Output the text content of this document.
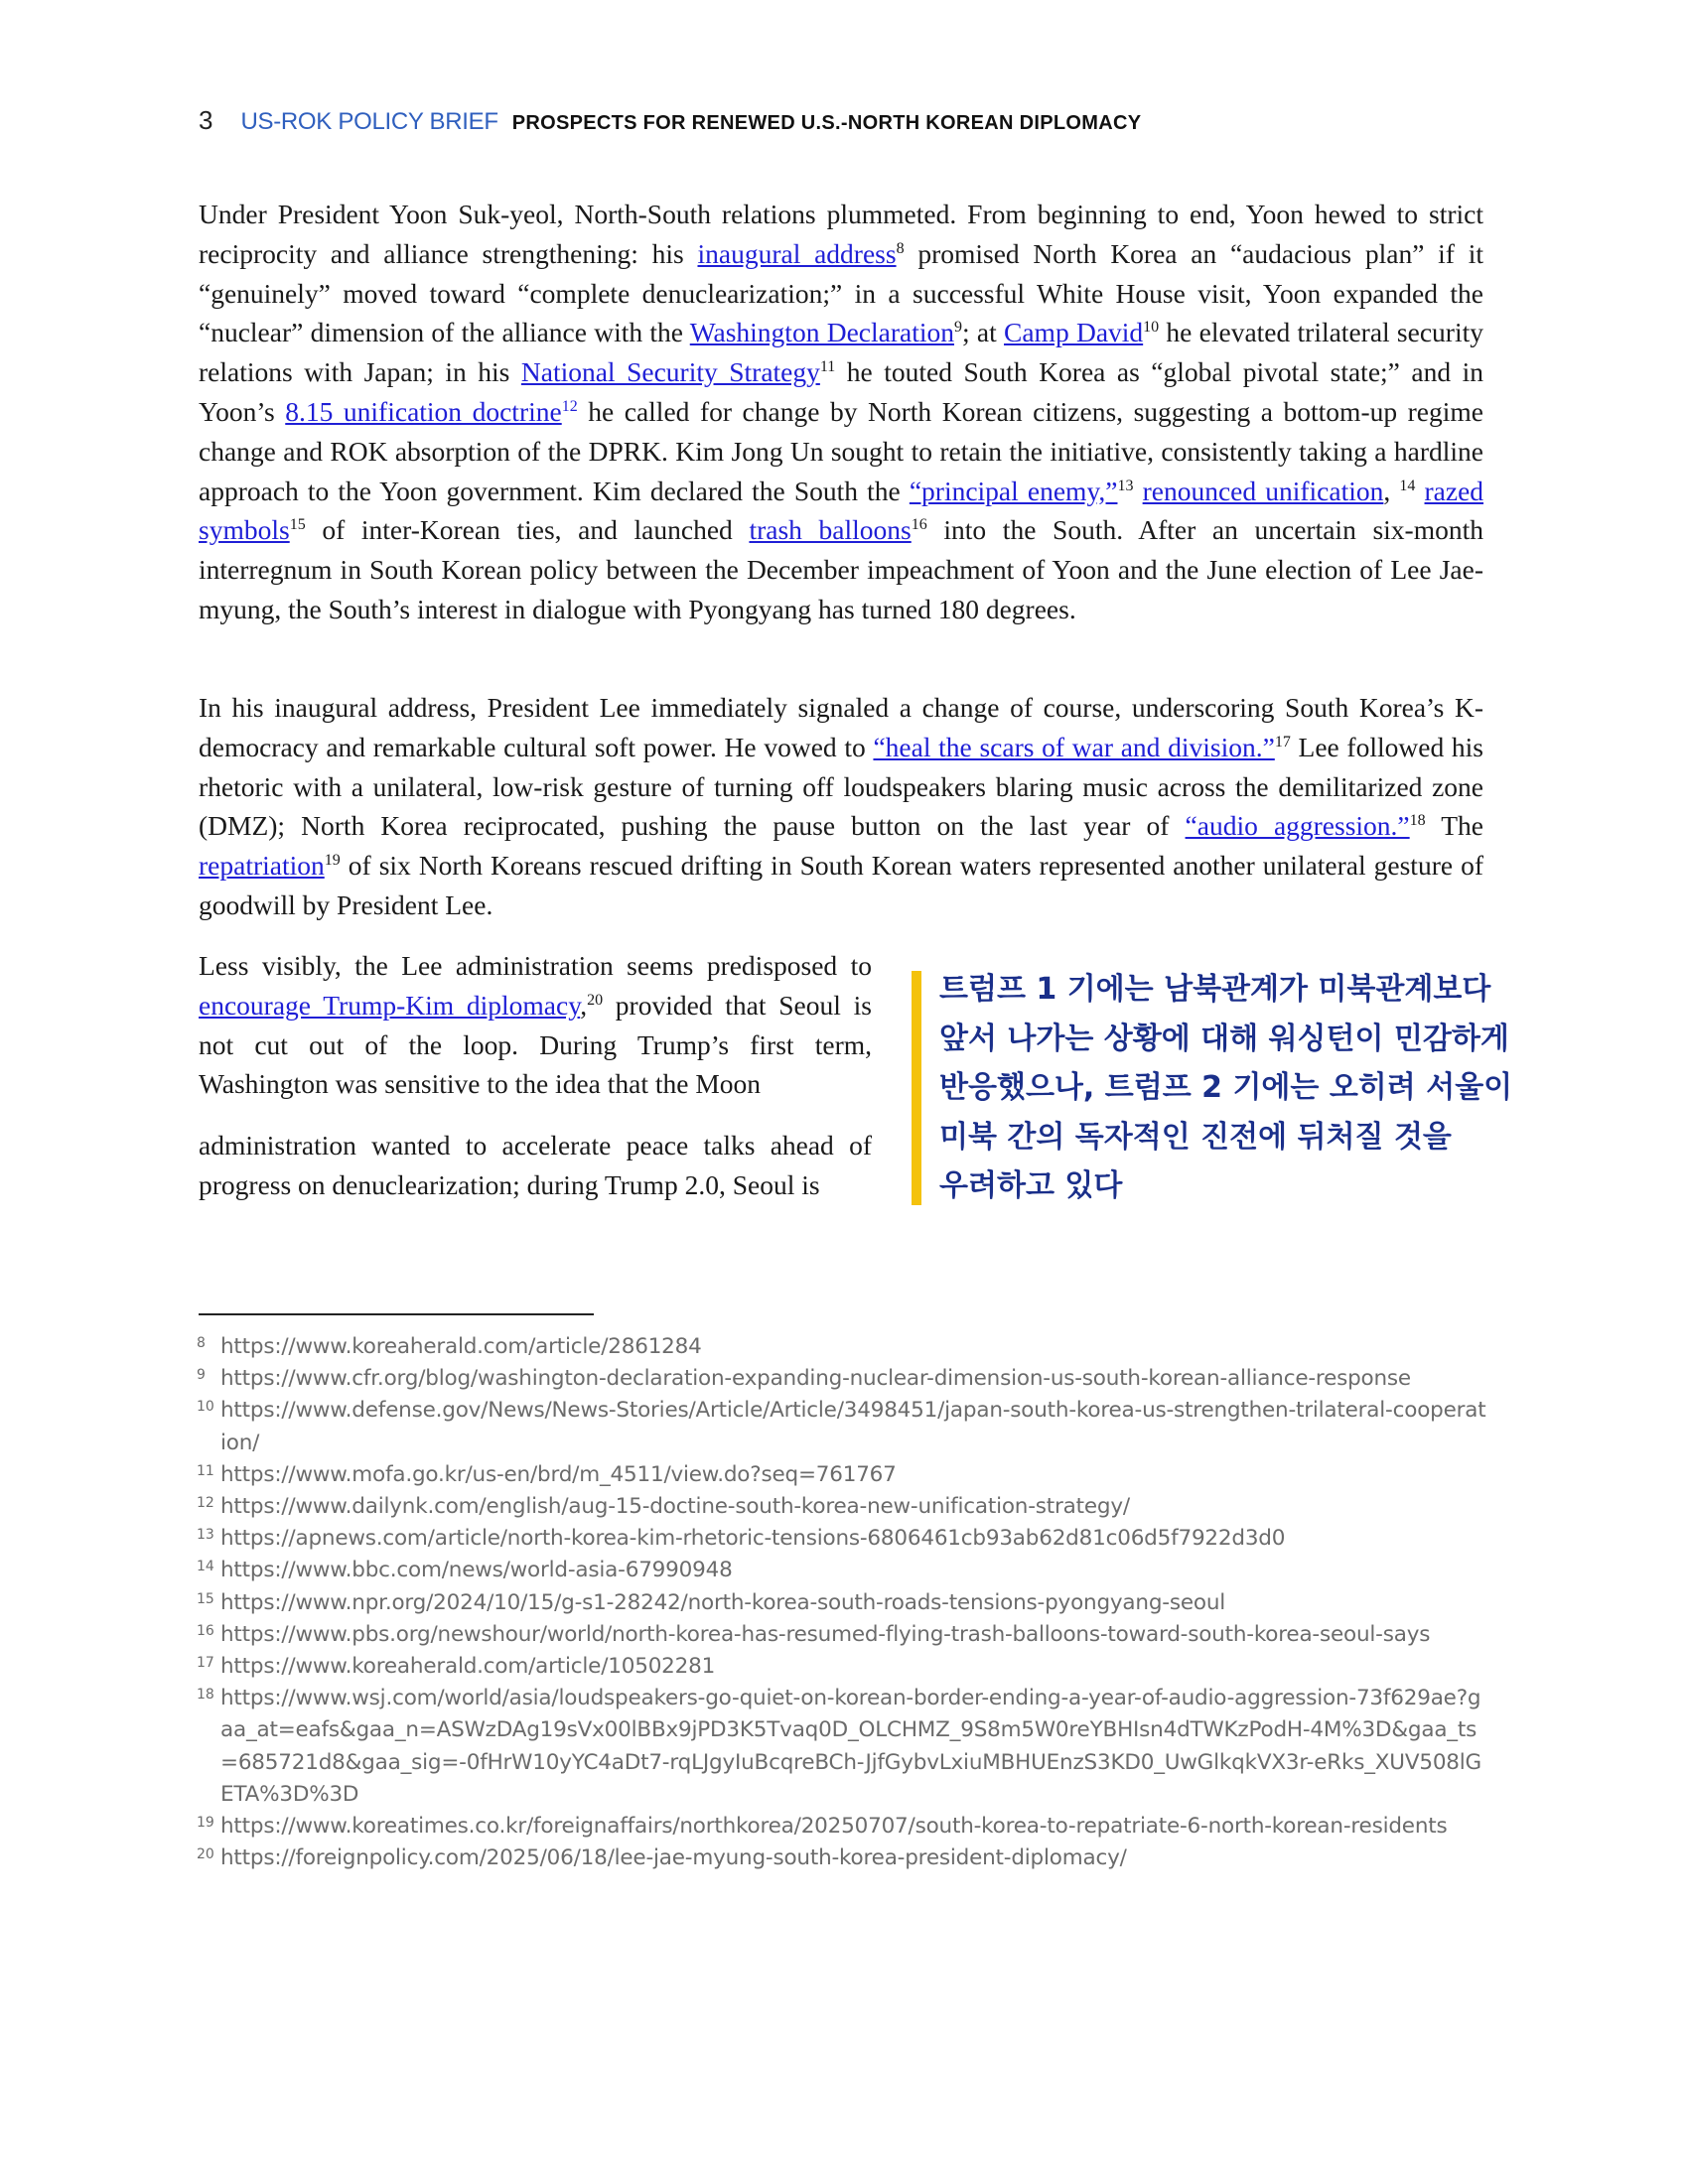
3 US-ROK POLICY BRIEF PROSPECTS FOR RENEWED U.S.-NORTH KOREAN DIPLOMACY

Under President Yoon Suk-yeol, North-South relations plummeted. From beginning to end, Yoon hewed to strict reciprocity and alliance strengthening: his inaugural address$^8$ promised North Korea an “audacious plan” if it “genuinely” moved toward “complete denuclearization;” in a successful White House visit, Yoon expanded the “nuclear” dimension of the alliance with the Washington Declaration$^9$; at Camp David$^{10}$ he elevated trilateral security relations with Japan; in his National Security Strategy$^{11}$ he touted South Korea as “global pivotal state;” and in Yoon’s 8.15 unification doctrine$^{12}$ he called for change by North Korean citizens, suggesting a bottom-up regime change and ROK absorption of the DPRK. Kim Jong Un sought to retain the initiative, consistently taking a hardline approach to the Yoon government. Kim declared the South the “principal enemy,”$^{13}$ renounced unification, $^{14}$ razed symbols$^{15}$ of inter-Korean ties, and launched trash balloons$^{16}$ into the South. After an uncertain six-month interregnum in South Korean policy between the December impeachment of Yoon and the June election of Lee Jae-myung, the South’s interest in dialogue with Pyongyang has turned 180 degrees.

In his inaugural address, President Lee immediately signaled a change of course, underscoring South Korea’s K-democracy and remarkable cultural soft power. He vowed to “heal the scars of war and division.”$^{17}$ Lee followed his rhetoric with a unilateral, low-risk gesture of turning off loudspeakers blaring music across the demilitarized zone (DMZ); North Korea reciprocated, pushing the pause button on the last year of “audio aggression.”$^{18}$ The repatriation$^{19}$ of six North Koreans rescued drifting in South Korean waters represented another unilateral gesture of goodwill by President Lee.

Less visibly, the Lee administration seems predisposed to encourage Trump-Kim diplomacy,$^{20}$ provided that Seoul is not cut out of the loop. During Trump’s first term, Washington was sensitive to the idea that the Moon

administration wanted to accelerate peace talks ahead of progress on denuclearization; during Trump 2.0, Seoul is

트럼프 1 기에는 남북관계가 미북관계보다
앞서 나가는 상황에 대해 워싱턴이 민감하게
반응했으나, 트럼프 2 기에는 오히려 서울이
미북 간의 독자적인 진전에 뒤처질 것을
우려하고 있다
8 https://www.koreaherald.com/article/2861284
9 https://www.cfr.org/blog/washington-declaration-expanding-nuclear-dimension-us-south-korean-alliance-response
10 https://www.defense.gov/News/News-Stories/Article/Article/3498451/japan-south-korea-us-strengthen-trilateral-cooperation/
11 https://www.mofa.go.kr/us-en/brd/m_4511/view.do?seq=761767
12 https://www.dailynk.com/english/aug-15-doctine-south-korea-new-unification-strategy/
13 https://apnews.com/article/north-korea-kim-rhetoric-tensions-6806461cb93ab62d81c06d5f7922d3d0
14 https://www.bbc.com/news/world-asia-67990948
15 https://www.npr.org/2024/10/15/g-s1-28242/north-korea-south-roads-tensions-pyongyang-seoul
16 https://www.pbs.org/newshour/world/north-korea-has-resumed-flying-trash-balloons-toward-south-korea-seoul-says
17 https://www.koreaherald.com/article/10502281
18 https://www.wsj.com/world/asia/loudspeakers-go-quiet-on-korean-border-ending-a-year-of-audio-aggression-73f629ae?gaa_at=eafs&gaa_n=ASWzDAg19sVx00lBBx9jPD3K5Tvaq0D_OLCHMZ_9S8m5W0reYBHIsn4dTWKzPodH-4M%3D&gaa_ts=685721d8&gaa_sig=-0fHrW10yYC4aDt7-rqLJgyIuBcqreBCh-JjfGybvLxiuMBHUEnzS3KD0_UwGlkqkVX3r-eRks_XUV508lGETA%3D%3D
19 https://www.koreatimes.co.kr/foreignaffairs/northkorea/20250707/south-korea-to-repatriate-6-north-korean-residents
20 https://foreignpolicy.com/2025/06/18/lee-jae-myung-south-korea-president-diplomacy/
